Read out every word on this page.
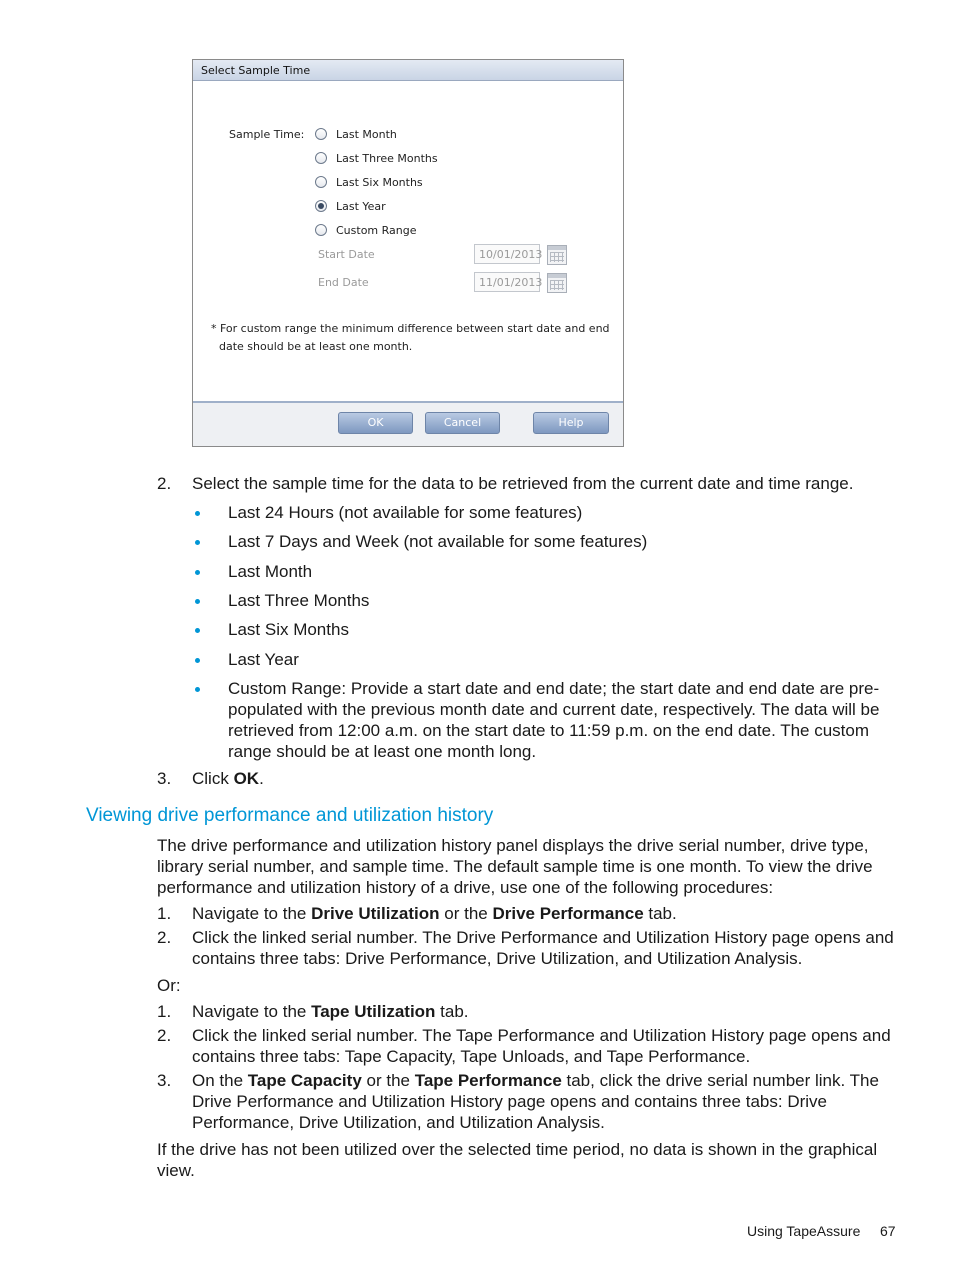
Select Sample Time
Sample Time:	Last Month
Last Three Months
Last Six Months
Last Year
Custom Range
Start Date	10/01/2013
End Date	11/01/2013
* For custom range the minimum difference between start date and end
date should be at least one month.
OK	Cancel	Help
2. Select the sample time for the data to be retrieved from the current date and time range.
Last 24 Hours (not available for some features)
Last 7 Days and Week (not available for some features)
Last Month
Last Three Months
Last Six Months
Last Year
Custom Range: Provide a start date and end date; the start date and end date are pre-populated with the previous month date and current date, respectively. The data will be retrieved from 12:00 a.m. on the start date to 11:59 p.m. on the end date. The custom range should be at least one month long.
3. Click OK.
Viewing drive performance and utilization history
The drive performance and utilization history panel displays the drive serial number, drive type, library serial number, and sample time. The default sample time is one month. To view the drive performance and utilization history of a drive, use one of the following procedures:
1. Navigate to the Drive Utilization or the Drive Performance tab.
2. Click the linked serial number. The Drive Performance and Utilization History page opens and contains three tabs: Drive Performance, Drive Utilization, and Utilization Analysis.
Or:
1. Navigate to the Tape Utilization tab.
2. Click the linked serial number. The Tape Performance and Utilization History page opens and contains three tabs: Tape Capacity, Tape Unloads, and Tape Performance.
3. On the Tape Capacity or the Tape Performance tab, click the drive serial number link. The Drive Performance and Utilization History page opens and contains three tabs: Drive Performance, Drive Utilization, and Utilization Analysis.
If the drive has not been utilized over the selected time period, no data is shown in the graphical view.
Using TapeAssure 67
